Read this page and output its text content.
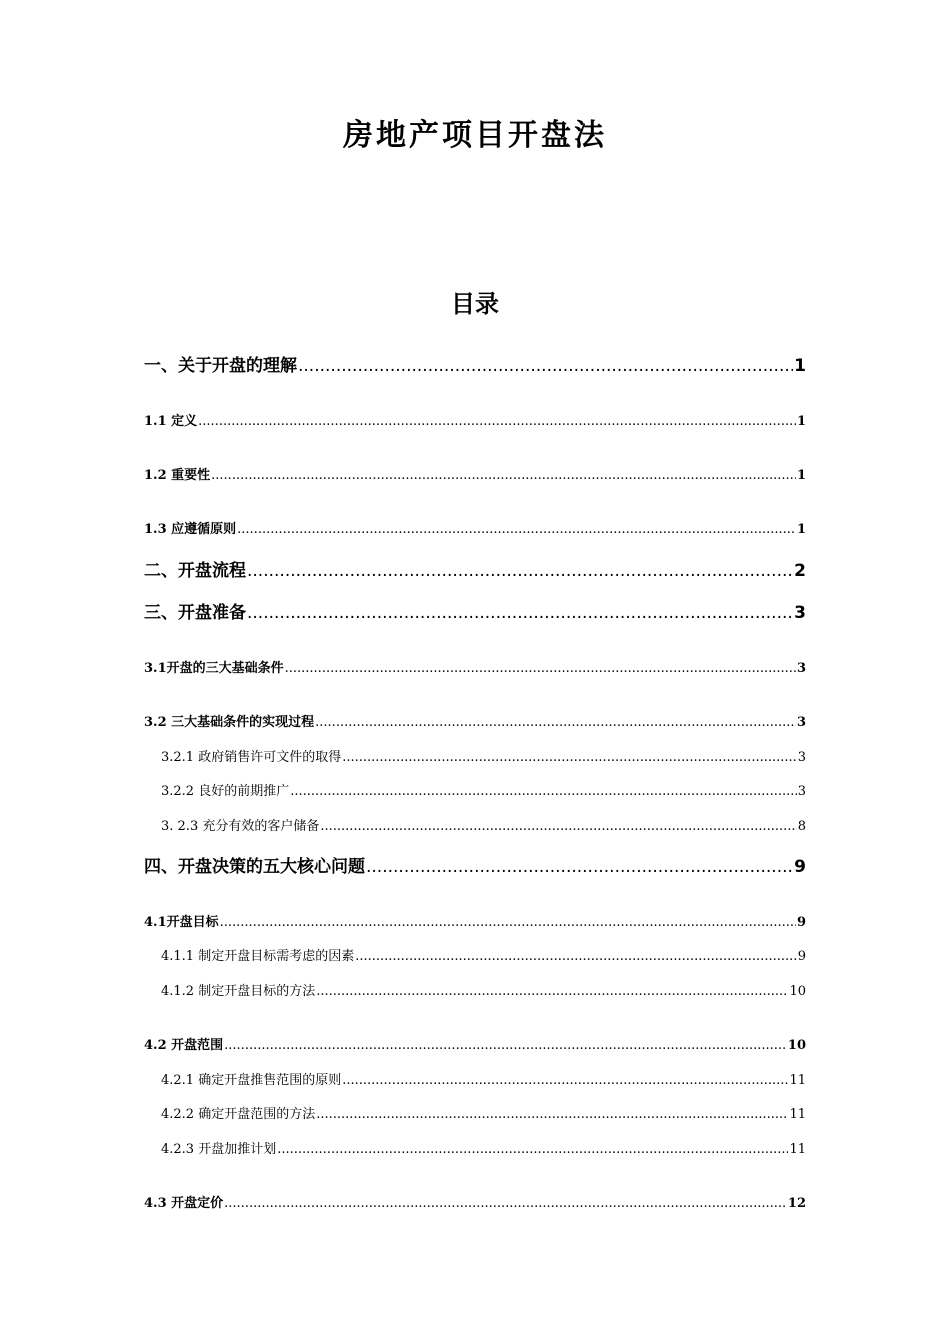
房地产项目开盘法
目录
一、关于开盘的理解 .....	1
1.1 定义 .....	1
1.2 重要性 .....	1
1.3 应遵循原则 .....	1
二、开盘流程 .....	2
三、开盘准备 .....	3
3.1开盘的三大基础条件 .....	3
3.2 三大基础条件的实现过程 .....	3
3.2.1 政府销售许可文件的取得 .....	3
3.2.2 良好的前期推广 .....	3
3. 2.3 充分有效的客户储备 .....	8
四、开盘决策的五大核心问题 .....	9
4.1开盘目标 .....	9
4.1.1 制定开盘目标需考虑的因素 .....	9
4.1.2 制定开盘目标的方法 .....	10
4.2 开盘范围 .....	10
4.2.1 确定开盘推售范围的原则 .....	11
4.2.2 确定开盘范围的方法 .....	11
4.2.3 开盘加推计划 .....	11
4.3 开盘定价 .....	12
